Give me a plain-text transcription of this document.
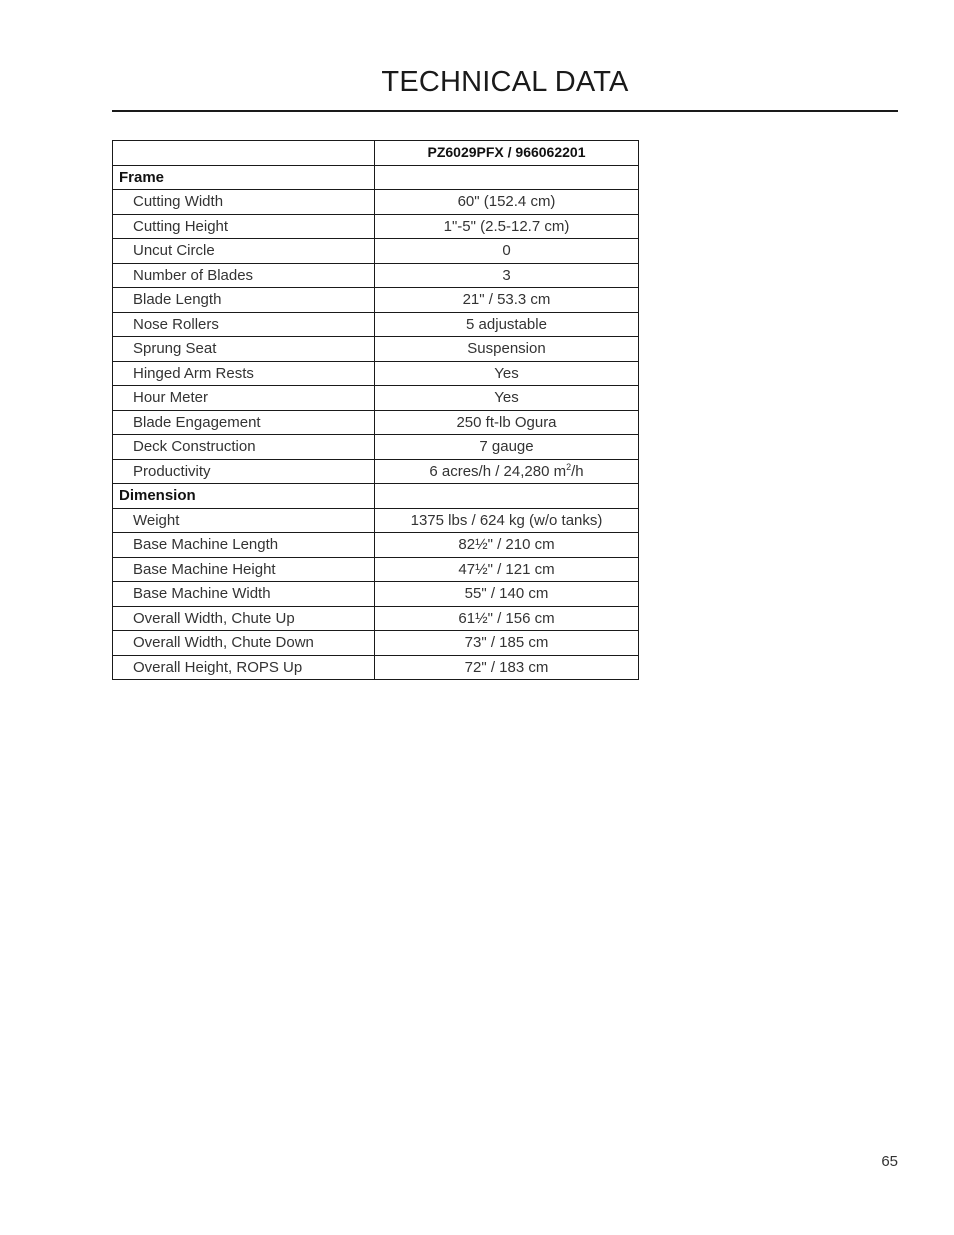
TECHNICAL DATA
	PZ6029PFX / 966062201
Frame	
Cutting Width	60" (152.4 cm)
Cutting Height	1"-5" (2.5-12.7 cm)
Uncut Circle	0
Number of Blades	3
Blade Length	21" / 53.3 cm
Nose Rollers	5 adjustable
Sprung Seat	Suspension
Hinged Arm Rests	Yes
Hour Meter	Yes
Blade Engagement	250 ft-lb Ogura
Deck Construction	7 gauge
Productivity	6 acres/h / 24,280 $m^2/h$
Dimension	
Weight	1375 lbs / 624 kg (w/o tanks)
Base Machine Length	82½" / 210 cm
Base Machine Height	47½" / 121 cm
Base Machine Width	55" / 140 cm
Overall Width, Chute Up	61½" / 156 cm
Overall Width, Chute Down	73" / 185 cm
Overall Height, ROPS Up	72" / 183 cm
65
